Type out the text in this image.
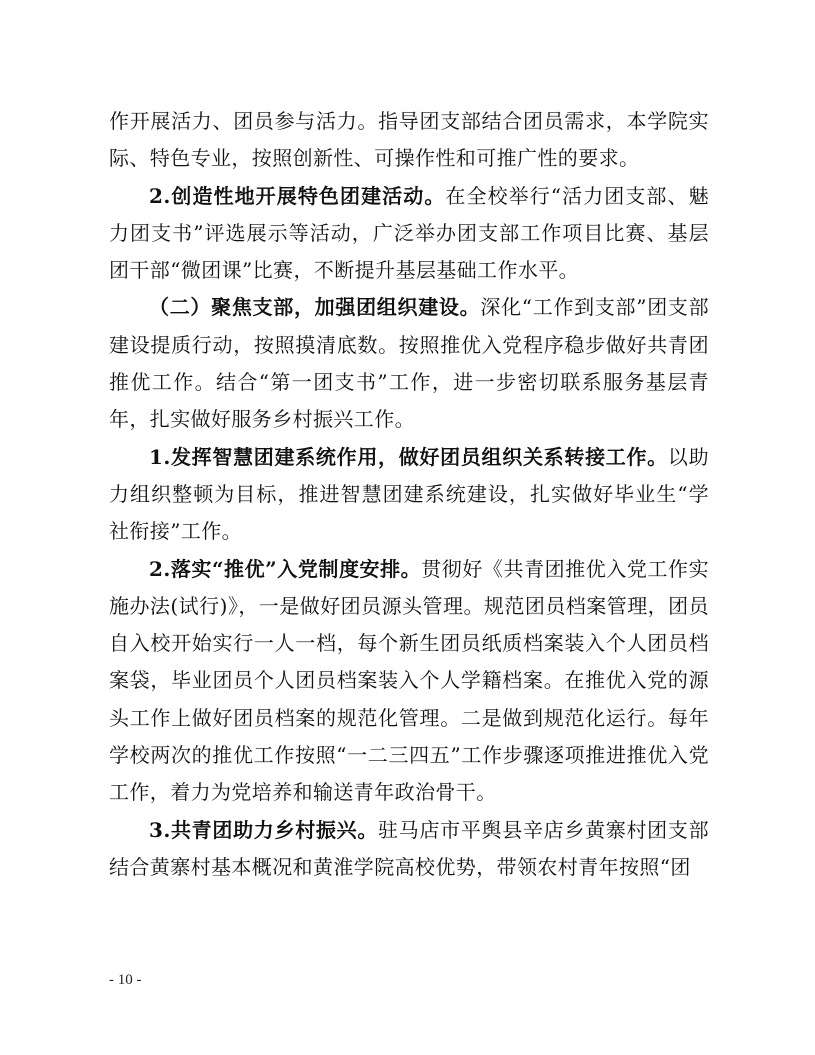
作开展活力、团员参与活力。指导团支部结合团员需求，本学院实际、特色专业，按照创新性、可操作性和可推广性的要求。

2.创造性地开展特色团建活动。在全校举行“活力团支部、魅力团支书”评选展示等活动，广泛举办团支部工作项目比赛、基层团干部“微团课”比赛，不断提升基层基础工作水平。

（二）聚焦支部，加强团组织建设。深化“工作到支部”团支部建设提质行动，按照摸清底数。按照推优入党程序稳步做好共青团推优工作。结合“第一团支书”工作，进一步密切联系服务基层青年，扎实做好服务乡村振兴工作。

1.发挥智慧团建系统作用，做好团员组织关系转接工作。以助力组织整顿为目标，推进智慧团建系统建设，扎实做好毕业生“学社衔接”工作。

2.落实“推优”入党制度安排。贯彻好《共青团推优入党工作实施办法(试行)》，一是做好团员源头管理。规范团员档案管理，团员自入校开始实行一人一档，每个新生团员纸质档案装入个人团员档案袋，毕业团员个人团员档案装入个人学籍档案。在推优入党的源头工作上做好团员档案的规范化管理。二是做到规范化运行。每年学校两次的推优工作按照“一二三四五”工作步骤逐项推进推优入党工作，着力为党培养和输送青年政治骨干。

3.共青团助力乡村振兴。驻马店市平舆县辛店乡黄寨村团支部结合黄寨村基本概况和黄淮学院高校优势，带领农村青年按照“团

- 10 -
